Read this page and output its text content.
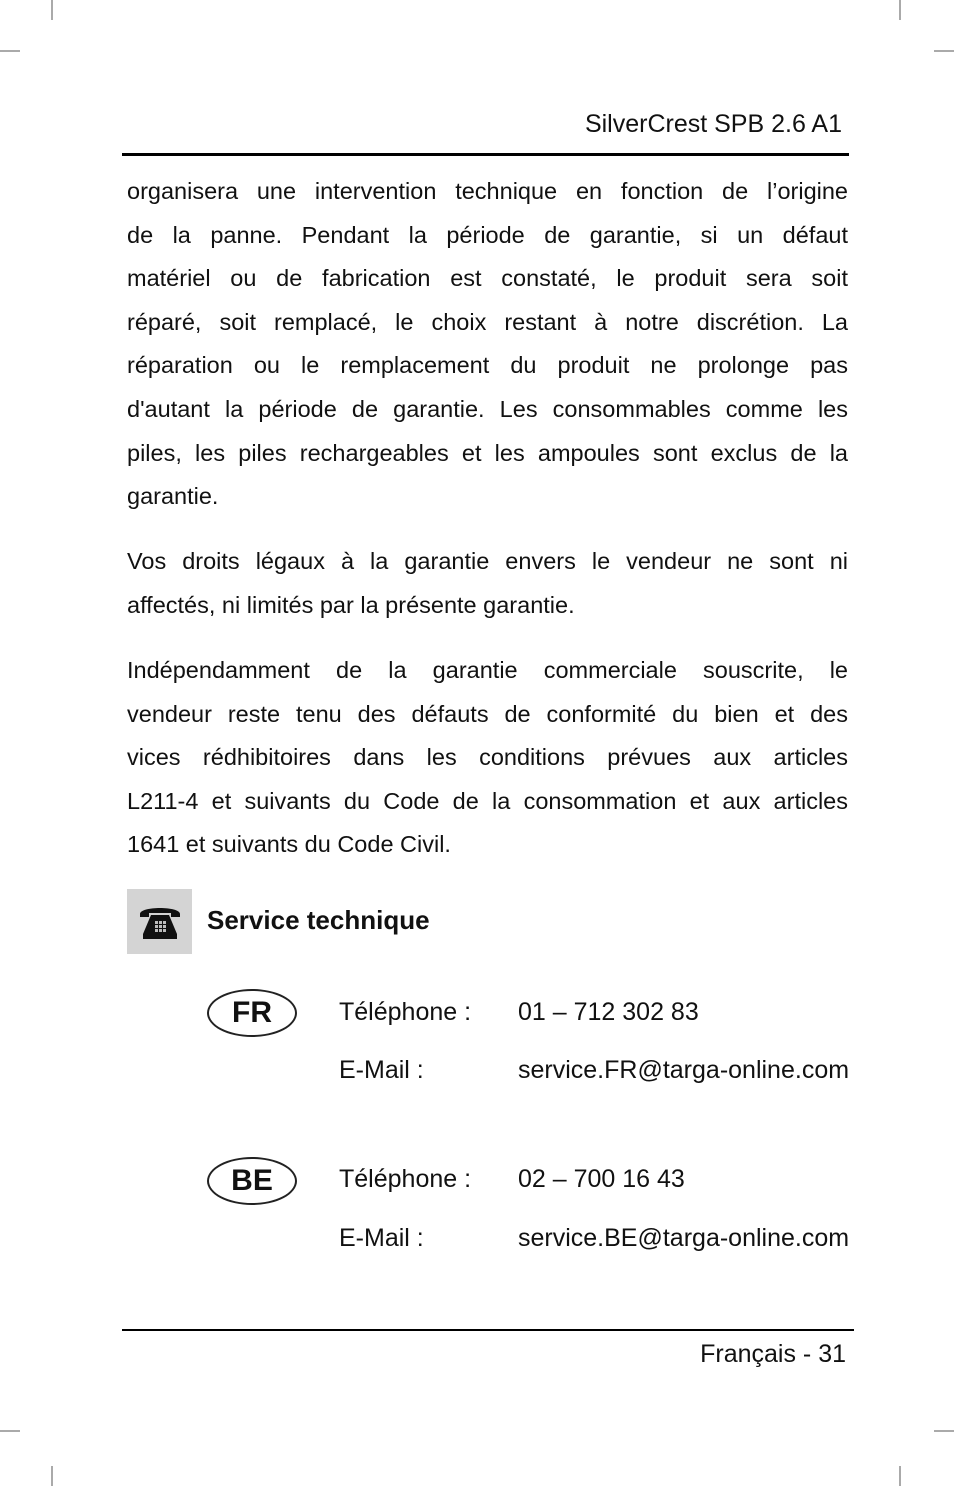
SilverCrest SPB 2.6 A1
organisera une intervention technique en fonction de l’origine
de la panne. Pendant la période de garantie, si un défaut
matériel ou de fabrication est constaté, le produit sera soit
réparé, soit remplacé, le choix restant à notre discrétion. La
réparation ou le remplacement du produit ne prolonge pas
d'autant la période de garantie. Les consommables comme les
piles, les piles rechargeables et les ampoules sont exclus de la
garantie.
Vos droits légaux à la garantie envers le vendeur ne sont ni
affectés, ni limités par la présente garantie.
Indépendamment de la garantie commerciale souscrite, le
vendeur reste tenu des défauts de conformité du bien et des
vices rédhibitoires dans les conditions prévues aux articles
L211-4 et suivants du Code de la consommation et aux articles
1641 et suivants du Code Civil.
Service technique
FR	Téléphone : 01 – 712 302 83
E-Mail :	service.FR@targa-online.com
BE	Téléphone : 02 – 700 16 43
E-Mail :	service.BE@targa-online.com
Français - 31
